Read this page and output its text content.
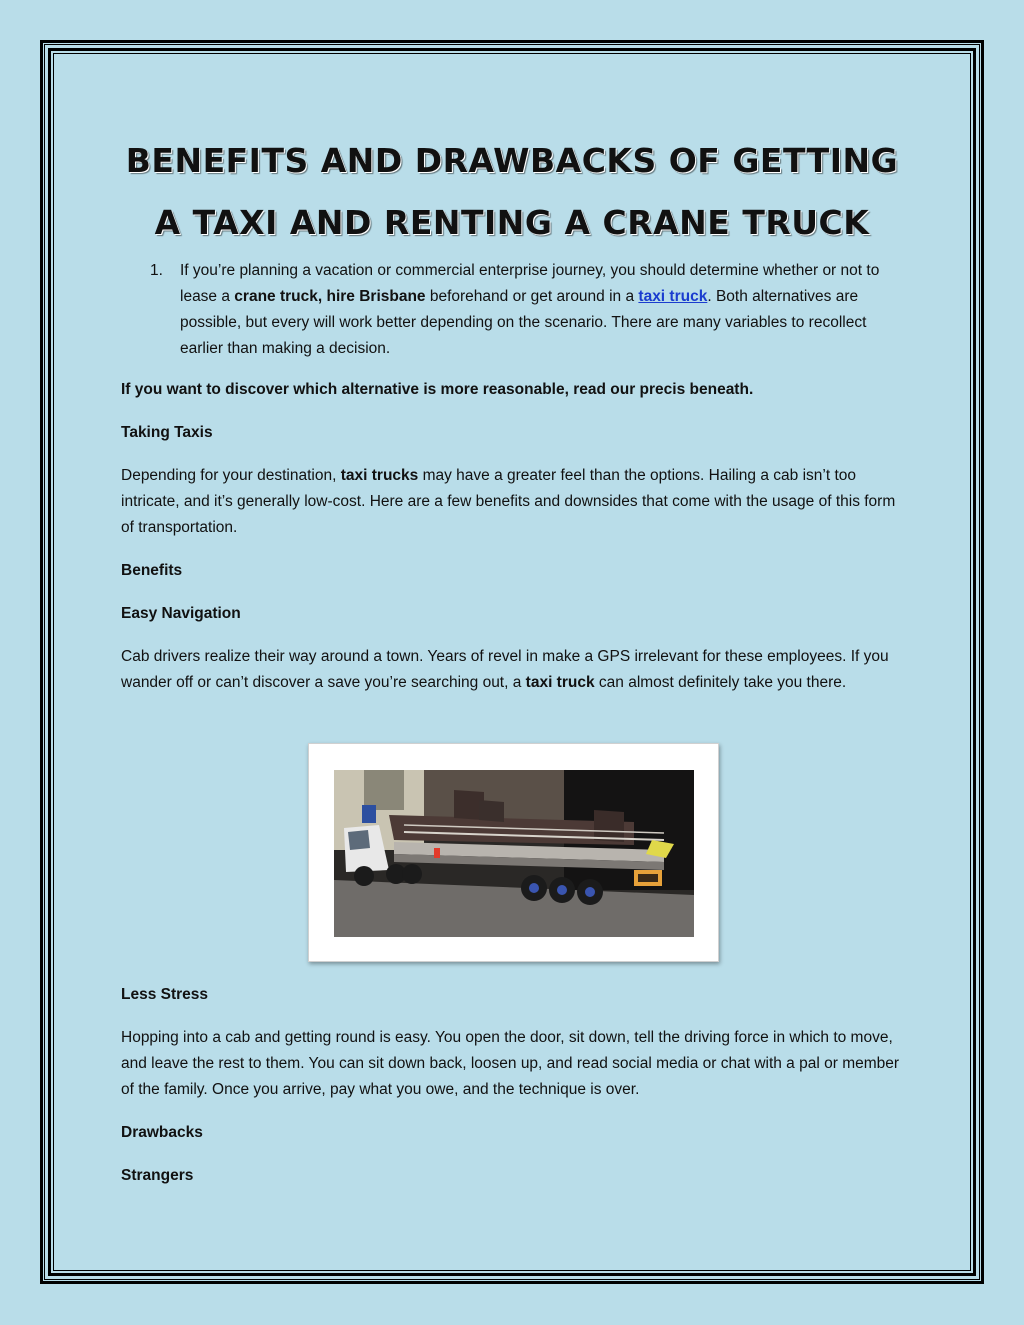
BENEFITS AND DRAWBACKS OF GETTING
A TAXI AND RENTING A CRANE TRUCK
1.	If you’re planning a vacation or commercial enterprise journey, you should determine whether or not to lease a crane truck, hire Brisbane beforehand or get around in a taxi truck. Both alternatives are possible, but every will work better depending on the scenario. There are many variables to recollect earlier than making a decision.

If you want to discover which alternative is more reasonable, read our precis beneath.

Taking Taxis

Depending for your destination, taxi trucks may have a greater feel than the options. Hailing a cab isn’t too intricate, and it’s generally low-cost. Here are a few benefits and downsides that come with the usage of this form of transportation.

Benefits

Easy Navigation

Cab drivers realize their way around a town. Years of revel in make a GPS irrelevant for these employees. If you wander off or can’t discover a save you’re searching out, a taxi truck can almost definitely take you there.

Less Stress

Hopping into a cab and getting round is easy. You open the door, sit down, tell the driving force in which to move, and leave the rest to them. You can sit down back, loosen up, and read social media or chat with a pal or member of the family. Once you arrive, pay what you owe, and the technique is over.

Drawbacks

Strangers
